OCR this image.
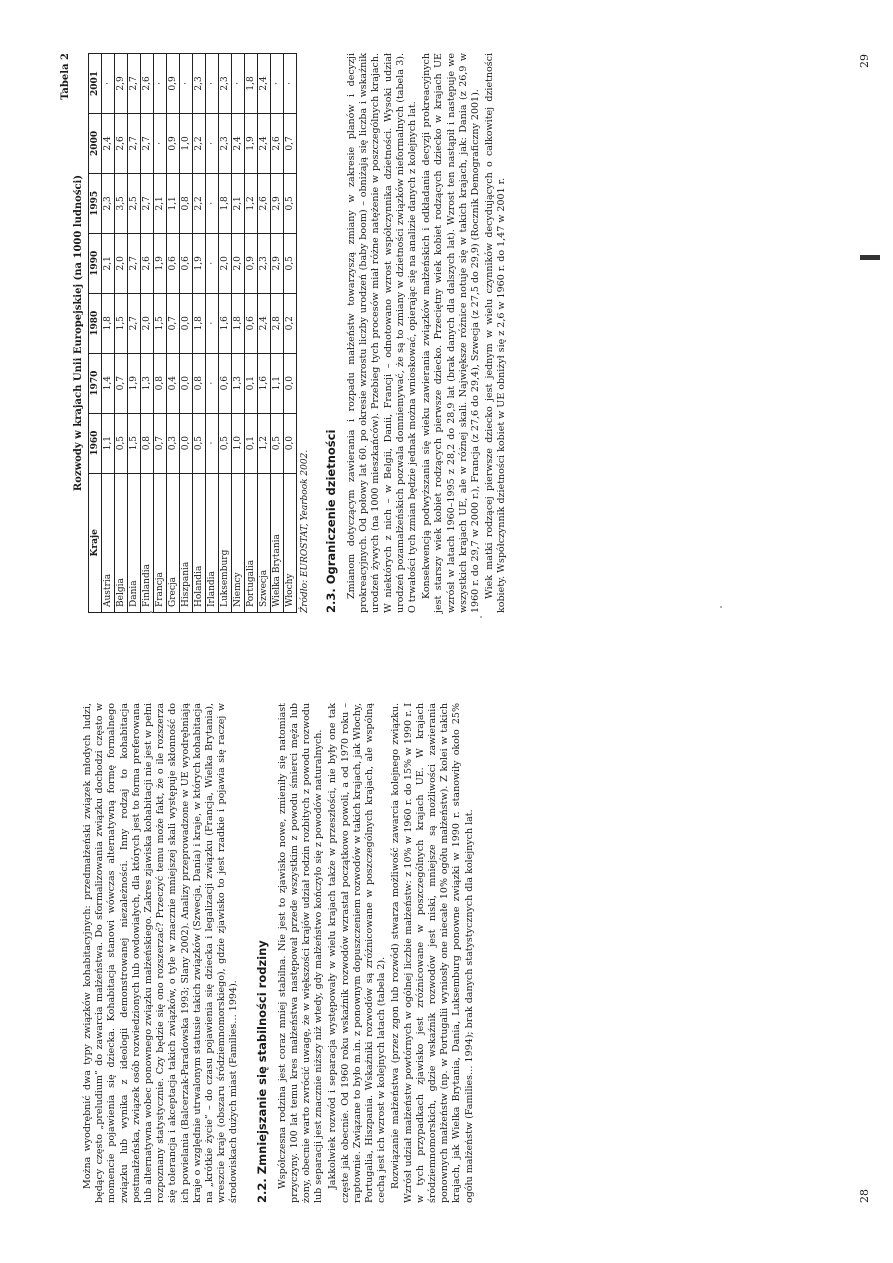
Można wyodrębnić dwa typy związków kohabitacyjnych: przedmałżeński związek młodych ludzi, będący często „preludium” do zawarcia małżeństwa. Do sformalizowania związku dochodzi często w momencie pojawienia się dziecka. Kohabitacja stanowi wówczas alternatywną formę formalnego związku lub wynika z ideologii demonstrowanej niezależności. Inny rodzaj to kohabitacja postmałżeńska, związek osób rozwiedzionych lub owdowiałych, dla których jest to forma preferowana lub alternatywna wobec ponownego związku małżeńskiego. Zakres zjawiska kohabitacji nie jest w pełni rozpoznany statystycznie. Czy będzie się ono rozszerzać? Przeczyć temu może fakt, że o ile rozszerza się tolerancja i akceptacja takich związków, o tyle w znacznie mniejszej skali występuje skłonność do ich powielania (Balcerzak-Paradowska 1993; Slany 2002). Analizy przeprowadzone w UE wyodrębniają kraje o względnie utrwalonym statusie takich związków (Szwecja, Dania) i kraje, w których kohabitacja na „krótkie życie” – do czasu pojawienia się dziecka i legalizacji związku (Francja, Wielka Brytania), wreszcie kraje (obszaru śródziemnomorskiego), gdzie zjawisko to jest rzadkie i pojawia się raczej w środowiskach dużych miast (Families… 1994). 2.2. Zmniejszanie się stabilności rodziny Współczesna rodzina jest coraz mniej stabilna. Nie jest to zjawisko nowe, zmieniły się natomiast przyczyny. 100 lat temu kres małżeństwa następował przede wszystkim z powodu śmierci męża lub żony, obecnie warto zwrócić uwagę, że w większości krajów udział rodzin rozbitych z powodu rozwodu lub separacji jest znacznie niższy niż wtedy, gdy małżeństwo kończyło się z powodów naturalnych. Jakkolwiek rozwód i separacja występowały w wielu krajach także w przeszłości, nie były one tak częste jak obecnie. Od 1960 roku wskaźnik rozwodów wzrastał początkowo powoli, a od 1970 roku – raptownie. Związane to było m.in. z ponownym dopuszczeniem rozwodów w takich krajach, jak Włochy, Portugalia, Hiszpania. Wskaźniki rozwodów są zróżnicowane w poszczególnych krajach, ale wspólną cechą jest ich wzrost w kolejnych latach (tabela 2). Rozwiązanie małżeństwa (przez zgon lub rozwód) stwarza możliwość zawarcia kolejnego związku. Wzrósł udział małżeństw powtórnych w ogólnej liczbie małżeństw: z 10% w 1960 r. do 15% w 1990 r. I w tych przypadkach zjawisko jest zróżnicowane w poszczególnych krajach UE. W krajach śródziemnomorskich, gdzie wskaźnik rozwodów jest niski, mniejsze są możliwości zawierania ponownych małżeństw (np. w Portugalii wyniosły one niecałe 10% ogółu małżeństw). Z kolei w takich krajach, jak Wielka Brytania, Dania, Luksemburg ponowne związki w 1990 r. stanowiły około 25% ogółu małżeństw (Families… 1994); brak danych statystycznych dla kolejnych lat.	28
Tabela 2
Rozwody w krajach Unii Europejskiej (na 1000 ludności)
Kraje	1960	1970	1980	1990	1995	2000	2001
Austria	1,1	1,4	1,8	2,1	2,3	2,4	·
Belgia	0,5	0,7	1,5	2,0	3,5	2,6	2,9
Dania	1,5	1,9	2,7	2,7	2,5	2,7	2,7
Finlandia	0,8	1,3	2,0	2,6	2,7	2,7	2,6
Francja	0,7	0,8	1,5	1,9	2,1	·	·
Grecja	0,3	0,4	0,7	0,6	1,1	0,9	0,9
Hiszpania	0,0	0,0	0,0	0,6	0,8	1,0	·
Holandia	0,5	0,8	1,8	1,9	2,2	2,2	2,3
Irlandia	·	·	·	·	·	·	·
Luksemburg	0,5	0,6	1,6	2,0	1,8	2,3	2,3
Niemcy	1,0	1,3	1,8	2,0	2,1	2,4	·
Portugalia	0,1	0,1	0,6	0,9	1,2	1,9	1,8
Szwecja	1,2	1,6	2,4	2,3	2,6	2,4	2,4
Wielka Brytania	0,5	1,1	2,8	2,9	2,9	2,6	·
Włochy	0,0	0,0	0,2	0,5	0,5	0,7	·
Źródło: EUROSTAT, Yearbook 2002. 2.3. Ograniczenie dzietności Zmianom dotyczącym zawierania i rozpadu małżeństw towarzyszą zmiany w zakresie planów i decyzji prokreacyjnych. Od połowy lat 60. po okresie wzrostu liczby urodzeń (baby boom) – obniżają się liczba i wskaźnik urodzeń żywych (na 1000 mieszkańców). Przebieg tych procesów miał różne natężenie w poszczególnych krajach. W niektórych z nich – w Belgii, Danii, Francji – odnotowano wzrost współczynnika dzietności. Wysoki udział urodzeń pozamałżeńskich pozwala domniemywać, że są to zmiany w dzietności związków nieformalnych (tabela 3). O trwałości tych zmian będzie jednak można wnioskować, opierając się na analizie danych z kolejnych lat. Konsekwencją podwyższania się wieku zawierania związków małżeńskich i odkładania decyzji prokreacyjnych jest starszy wiek kobiet rodzących pierwsze dziecko. Przeciętny wiek kobiet rodzących dziecko w krajach UE wzrósł w latach 1960–1995 z 28,2 do 28,9 lat (brak danych dla dalszych lat). Wzrost ten nastąpił i następuje we wszystkich krajach UE, ale w różnej skali. Największe różnice notuje się w takich krajach, jak: Dania (z 26,9 w 1960 r. do 29,7 w 2000 r.), Francja (z 27,6 do 29,4), Szwecja (z 27,5 do 29,9) (Rocznik Demograficzny 2001). Wiek matki rodzącej pierwsze dziecko jest jednym w wielu czynników decydujących o całkowitej dzietności kobiety. Współczynnik dzietności kobiet w UE obniżył się z 2,6 w 1960 r. do 1,47 w 2001 r.

29
